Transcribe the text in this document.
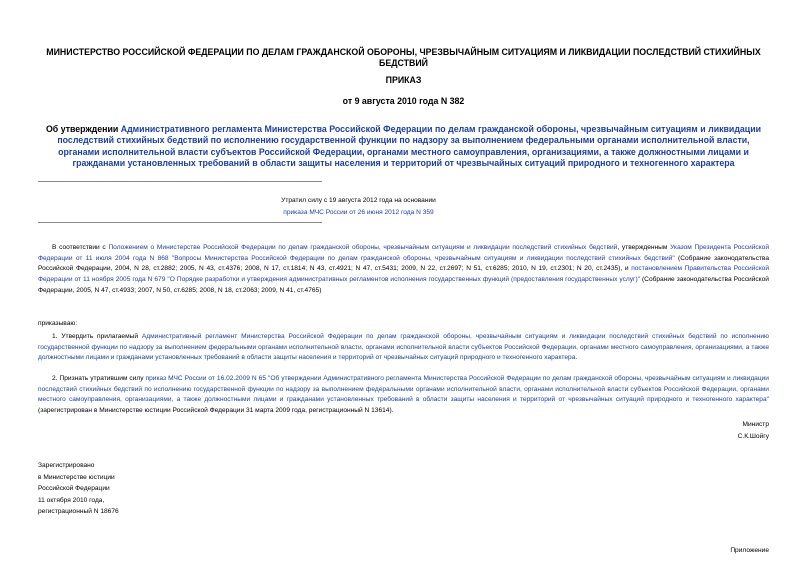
МИНИСТЕРСТВО РОССИЙСКОЙ ФЕДЕРАЦИИ ПО ДЕЛАМ ГРАЖДАНСКОЙ ОБОРОНЫ, ЧРЕЗВЫЧАЙНЫМ СИТУАЦИЯМ И ЛИКВИДАЦИИ ПОСЛЕДСТВИЙ СТИХИЙНЫХ БЕДСТВИЙ
ПРИКАЗ
от 9 августа 2010 года N 382
Об утверждении Административного регламента Министерства Российской Федерации по делам гражданской обороны, чрезвычайным ситуациям и ликвидации последствий стихийных бедствий по исполнению государственной функции по надзору за выполнением федеральными органами исполнительной власти, органами исполнительной власти субъектов Российской Федерации, органами местного самоуправления, организациями, а также должностными лицами и гражданами установленных требований в области защиты населения и территорий от чрезвычайных ситуаций природного и техногенного характера
Утратил силу с 19 августа 2012 года на основании
приказа МЧС России от 26 июня 2012 года N 359
В соответствии с Положением о Министерстве Российской Федерации по делам гражданской обороны, чрезвычайным ситуациям и ликвидации последствий стихийных бедствий, утвержденным Указом Президента Российской Федерации от 11 июля 2004 года N 868 "Вопросы Министерства Российской Федерации по делам гражданской обороны, чрезвычайным ситуациям и ликвидации последствий стихийных бедствий" (Собрание законодательства Российской Федерации, 2004, N 28, ст.2882; 2005, N 43, ст.4376; 2008, N 17, ст.1814; N 43, ст.4921; N 47, ст.5431; 2009, N 22, ст.2697; N 51, ст.6285; 2010, N 19, ст.2301; N 20, ст.2435), и постановлением Правительства Российской Федерации от 11 ноября 2005 года N 679 "О Порядке разработки и утверждения административных регламентов исполнения государственных функций (предоставления государственных услуг)" (Собрание законодательства Российской Федерации, 2005, N 47, ст.4933; 2007, N 50, ст.6285; 2008, N 18, ст.2063; 2009, N 41, ст.4765)
приказываю:
1. Утвердить прилагаемый Административный регламент Министерства Российской Федерации по делам гражданской обороны, чрезвычайным ситуациям и ликвидации последствий стихийных бедствий по исполнению государственной функции по надзору за выполнением федеральными органами исполнительной власти, органами исполнительной власти субъектов Российской Федерации, органами местного самоуправления, организациями, а также должностными лицами и гражданами установленных требований в области защиты населения и территорий от чрезвычайных ситуаций природного и техногенного характера.
2. Признать утратившим силу приказ МЧС России от 16.02.2009 N 65 "Об утверждении Административного регламента Министерства Российской Федерации по делам гражданской обороны, чрезвычайным ситуациям и ликвидации последствий стихийных бедствий по исполнению государственной функции по надзору за выполнением федеральными органами исполнительной власти, органами исполнительной власти субъектов Российской Федерации, органами местного самоуправления, организациями, а также должностными лицами и гражданами установленных требований в области защиты населения и территорий от чрезвычайных ситуаций природного и техногенного характера" (зарегистрирован в Министерстве юстиции Российской Федерации 31 марта 2009 года, регистрационный N 13614).
Министр
С.К.Шойгу
Зарегистрировано
в Министерстве юстиции
Российской Федерации
11 октября 2010 года,
регистрационный N 18676
Приложение
